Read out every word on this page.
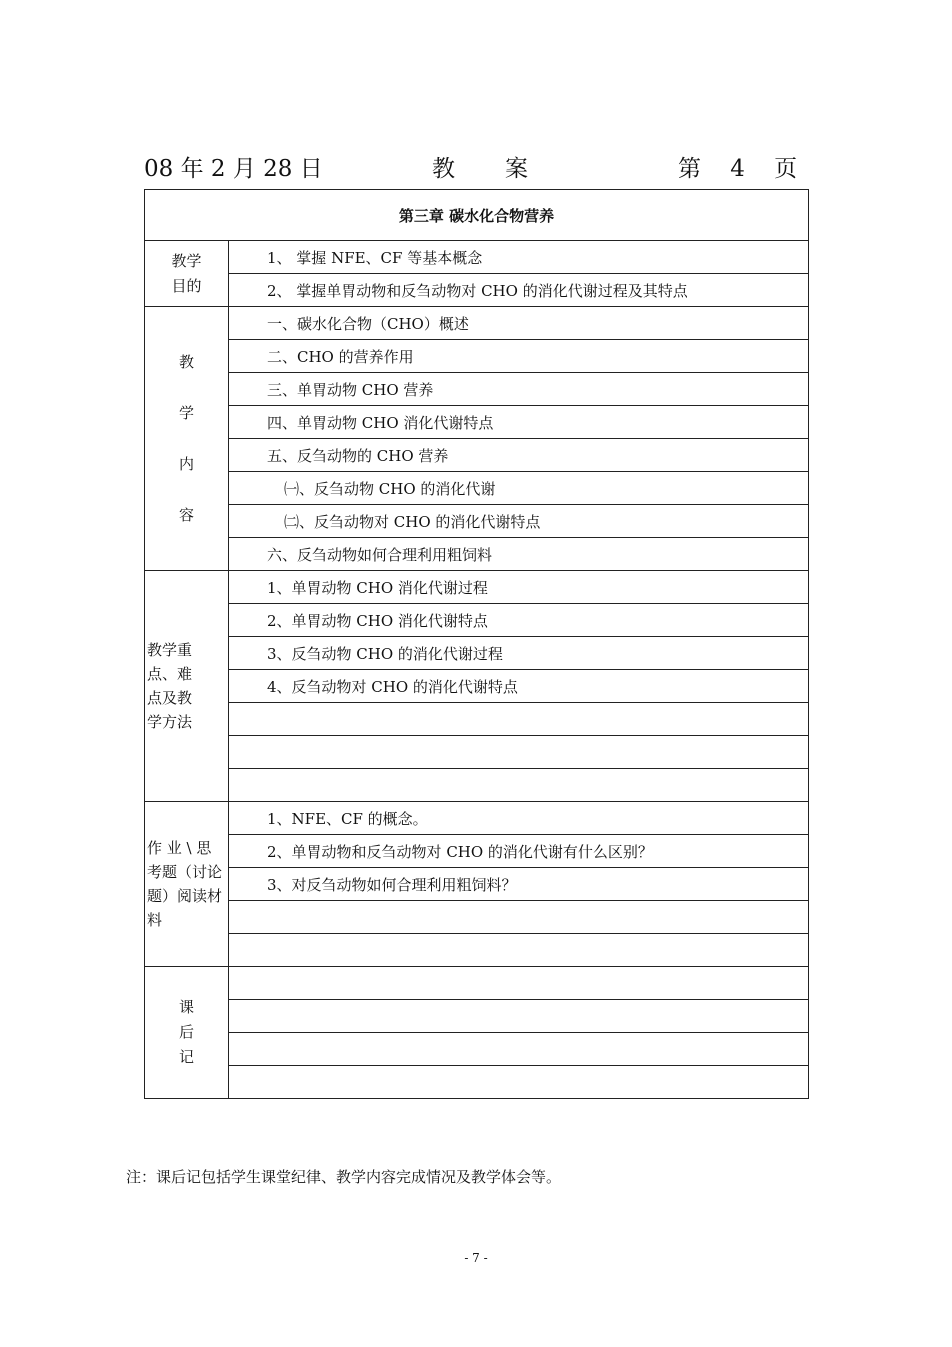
08 年 2 月 28 日	教案	第 4 页
第三章 碳水化合物营养	

教学
目的	1、 掌握 NFE、CF 等基本概念
	2、 掌握单胃动物和反刍动物对 CHO 的消化代谢过程及其特点

教
学
内
容	一、碳水化合物（CHO）概述
	二、CHO 的营养作用
	三、单胃动物 CHO 营养
	四、单胃动物 CHO 消化代谢特点
	五、反刍动物的 CHO 营养
	㈠、反刍动物 CHO 的消化代谢
	㈡、反刍动物对 CHO 的消化代谢特点
	六、反刍动物如何合理利用粗饲料

教学重
点、难
点及教
学方法	1、单胃动物 CHO 消化代谢过程
	2、单胃动物 CHO 消化代谢特点
	3、反刍动物 CHO 的消化代谢过程
	4、反刍动物对 CHO 的消化代谢特点

作 业 \ 思
考题（讨论
题）阅读材
料	1、NFE、CF 的概念。
	2、单胃动物和反刍动物对 CHO 的消化代谢有什么区别？
	3、对反刍动物如何合理利用粗饲料？

课
后
记	

注：课后记包括学生课堂纪律、教学内容完成情况及教学体会等。
- 7 -
